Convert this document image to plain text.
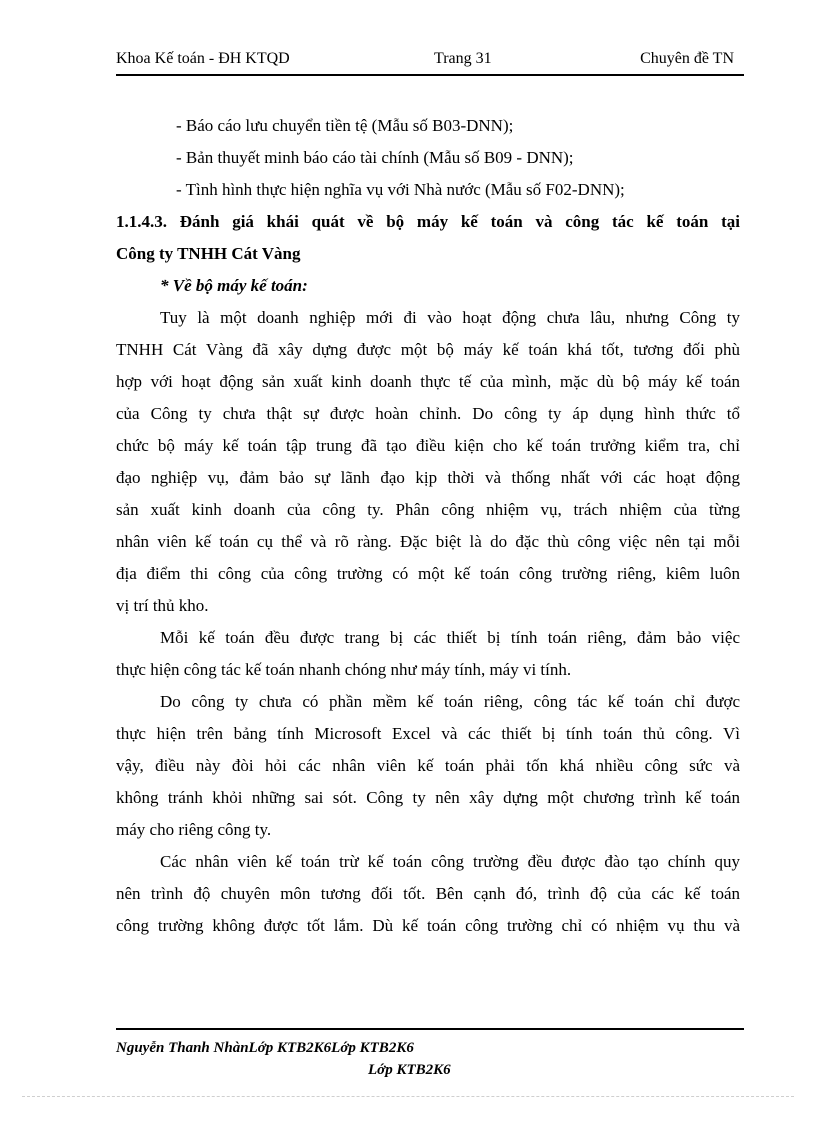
Khoa Kế toán - ĐH KTQD	Trang 31	Chuyên đề TN
- Báo cáo lưu chuyển tiền tệ (Mẫu số B03-DNN);
- Bản thuyết minh báo cáo tài chính (Mẫu số B09 - DNN);
- Tình hình thực hiện nghĩa vụ với Nhà nước (Mẫu số F02-DNN);
1.1.4.3. Đánh giá khái quát về bộ máy kế toán và công tác kế toán tại
Công ty TNHH Cát Vàng
* Về bộ máy kế toán:
Tuy là một doanh nghiệp mới đi vào hoạt động chưa lâu, nhưng Công ty
TNHH Cát Vàng đã xây dựng được một bộ máy kế toán khá tốt, tương đối phù
hợp với hoạt động sản xuất kinh doanh thực tế của mình, mặc dù bộ máy kế toán
của Công ty chưa thật sự được hoàn chỉnh. Do công ty áp dụng hình thức tổ
chức bộ máy kế toán tập trung đã tạo điều kiện cho kế toán trưởng kiểm tra, chỉ
đạo nghiệp vụ, đảm bảo sự lãnh đạo kịp thời và thống nhất với các hoạt động
sản xuất kinh doanh của công ty. Phân công nhiệm vụ, trách nhiệm của từng
nhân viên kế toán cụ thể và rõ ràng. Đặc biệt là do đặc thù công việc nên tại mỗi
địa điểm thi công của công trường có một kế toán công trường riêng, kiêm luôn
vị trí thủ kho.
Mỗi kế toán đều được trang bị các thiết bị tính toán riêng, đảm bảo việc
thực hiện công tác kế toán nhanh chóng như máy tính, máy vi tính.
Do công ty chưa có phần mềm kế toán riêng, công tác kế toán chỉ được
thực hiện trên bảng tính Microsoft Excel và các thiết bị tính toán thủ công. Vì
vậy, điều này đòi hỏi các nhân viên kế toán phải tốn khá nhiều công sức và
không tránh khỏi những sai sót. Công ty nên xây dựng một chương trình kế toán
máy cho riêng công ty.
Các nhân viên kế toán trừ kế toán công trường đều được đào tạo chính quy
nên trình độ chuyên môn tương đối tốt. Bên cạnh đó, trình độ của các kế toán
công trường không được tốt lắm. Dù kế toán công trường chỉ có nhiệm vụ thu và
Nguyễn Thanh NhànLớp KTB2K6Lớp KTB2K6
Lớp KTB2K6
